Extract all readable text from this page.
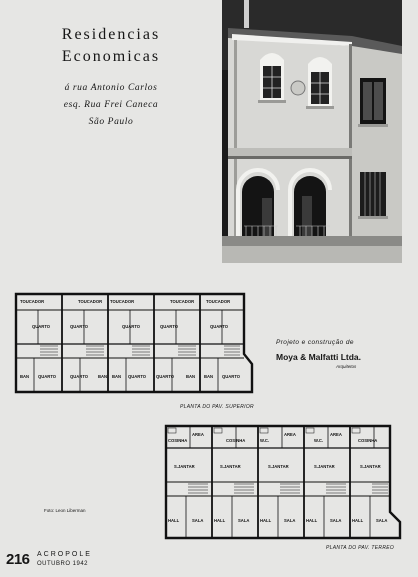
Residencias
Economicas
á rua Antonio Carlos
esq. Rua Frei Caneca
São Paulo
TOUCADOR	TOUCADOR TOUCADOR	TOUCADOR	TOUCADOR
QUARTO	QUARTO	QUARTO	QUARTO	QUARTO
QUARTO	QUARTO	QUARTO QUARTO	QUARTO
BAN	BAN BAN	BAN BAN
PLANTA DO PAV. SUPERIOR
Projeto e construção de
Moya & Malfatti Ltda.
Arquitetos
Foto: Leon Liberman
COSINHA
AREA
COSINHA	W.C.
AREA
W.C.
AREA
COSINHA
S.JANTAR	S.JANTAR	S.JANTAR	S.JANTAR	S.JANTAR
HALL	SALA	HALL	SALA	HALL	SALA	HALL	SALA	HALL	SALA
PLANTA DO PAV. TERREO
216 ACROPOLE
OUTUBRO 1942
